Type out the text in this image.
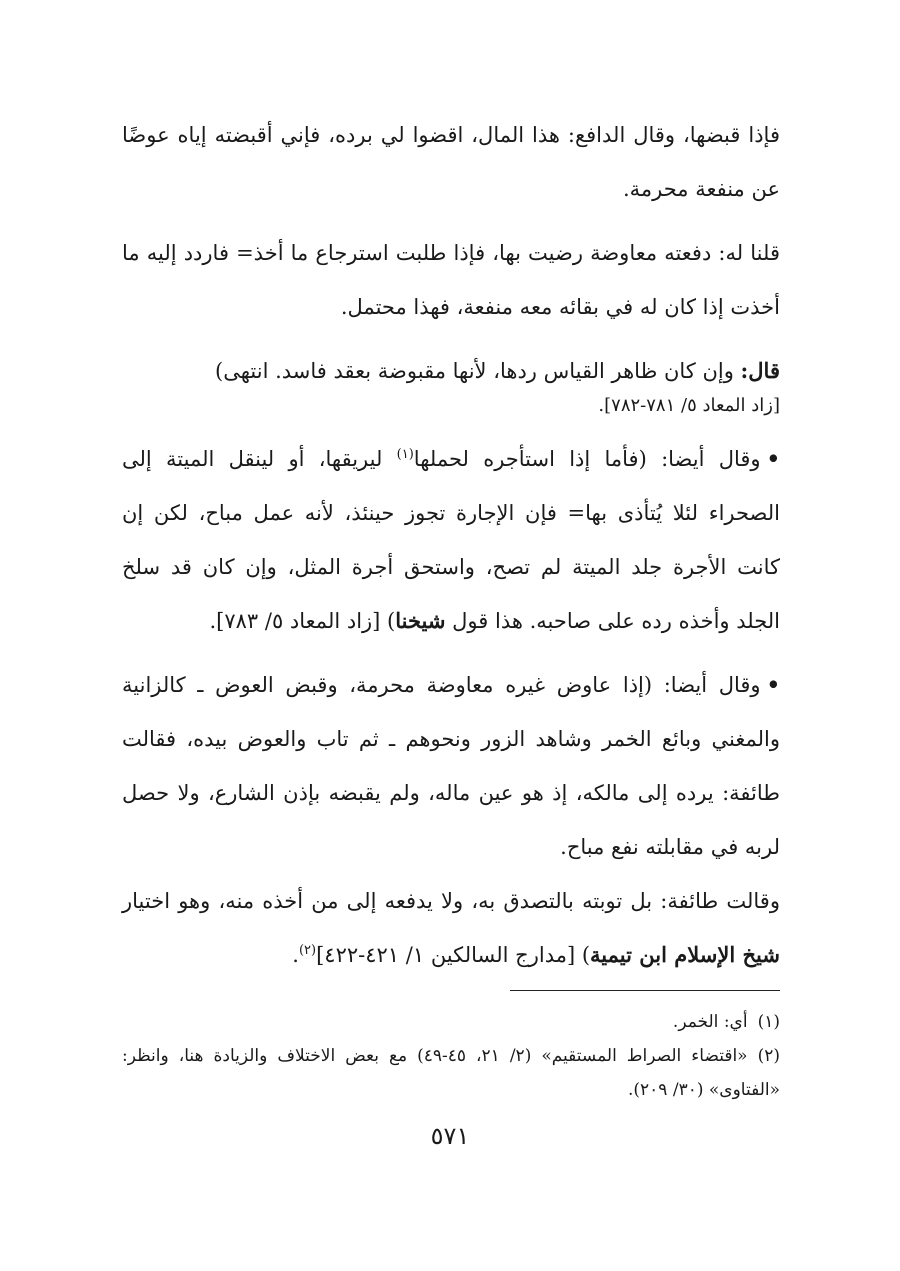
فإذا قبضها، وقال الدافع: هذا المال، اقضوا لي برده، فإني أقبضته إياه عوضًا عن منفعة محرمة.

قلنا له: دفعته معاوضة رضيت بها، فإذا طلبت استرجاع ما أخذ= فاردد إليه ما أخذت إذا كان له في بقائه معه منفعة، فهذا محتمل.

قال: وإن كان ظاهر القياس ردها، لأنها مقبوضة بعقد فاسد. انتهى)
[زاد المعاد ٥/ ٧٨١-٧٨٢].

•وقال أيضا: (فأما إذا استأجره لحملها$^{(١)}$ ليريقها، أو لينقل الميتة إلى الصحراء لئلا يُتأذى بها= فإن الإجارة تجوز حينئذ، لأنه عمل مباح، لكن إن كانت الأجرة جلد الميتة لم تصح، واستحق أجرة المثل، وإن كان قد سلخ الجلد وأخذه رده على صاحبه. هذا قول شيخنا) [زاد المعاد ٥/ ٧٨٣].

•وقال أيضا: (إذا عاوض غيره معاوضة محرمة، وقبض العوض ـ كالزانية والمغني وبائع الخمر وشاهد الزور ونحوهم ـ ثم تاب والعوض بيده، فقالت طائفة: يرده إلى مالكه، إذ هو عين ماله، ولم يقبضه بإذن الشارع، ولا حصل لربه في مقابلته نفع مباح.

وقالت طائفة: بل توبته بالتصدق به، ولا يدفعه إلى من أخذه منه، وهو اختيار شيخ الإسلام ابن تيمية) [مدارج السالكين ١/ ٤٢١-٤٢٢]$^{(٢)}$.

(١)أي: الخمر.

(٢)«اقتضاء الصراط المستقيم» (٢/ ٢١، ٤٥-٤٩) مع بعض الاختلاف والزيادة هنا، وانظر: «الفتاوى» (٣٠/ ٢٠٩).

٥٧١
